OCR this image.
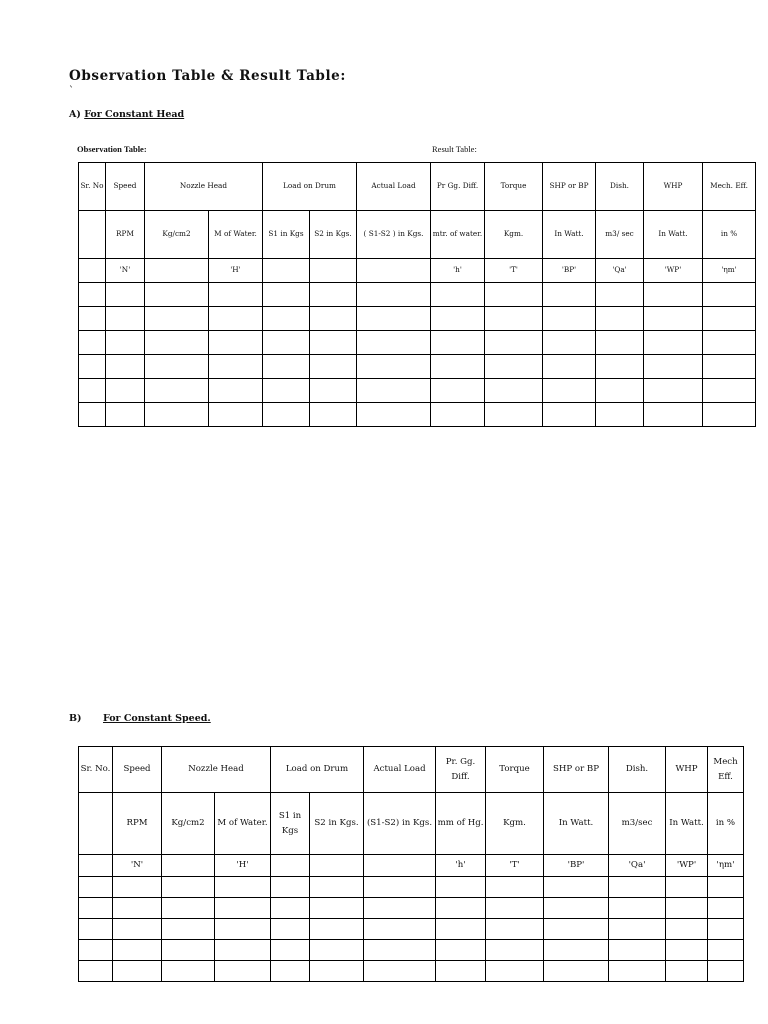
Observation Table & Result Table:
`
A) For Constant Head
Observation Table:	Result Table:
Sr. No	Speed	Nozzle Head		Load on Drum		Actual Load	Pr Gg. Diff.	Torque	SHP or BP	Dish.	WHP	Mech. Eff.
	RPM	Kg/cm2	M of Water.	S1 in Kgs	S2 in Kgs.	( S1-S2 ) in Kgs.	mtr. of water.	Kgm.	In Watt.	m3/ sec	In Watt.	in %
	'N'		'H'				'h'	'T'	'BP'	'Qa'	'WP'	'ηm'

B) For Constant Speed.
Sr. No.	Speed	Nozzle Head		Load on Drum		Actual Load	Pr. Gg. Diff.	Torque	SHP or BP	Dish.	WHP	Mech Eff.
	RPM	Kg/cm2	M of Water.	S1 in Kgs	S2 in Kgs.	(S1-S2) in Kgs.	mm of Hg.	Kgm.	In Watt.	m3/sec	In Watt.	in %
	'N'		'H'				'h'	'T'	'BP'	'Qa'	'WP'	'ηm'
